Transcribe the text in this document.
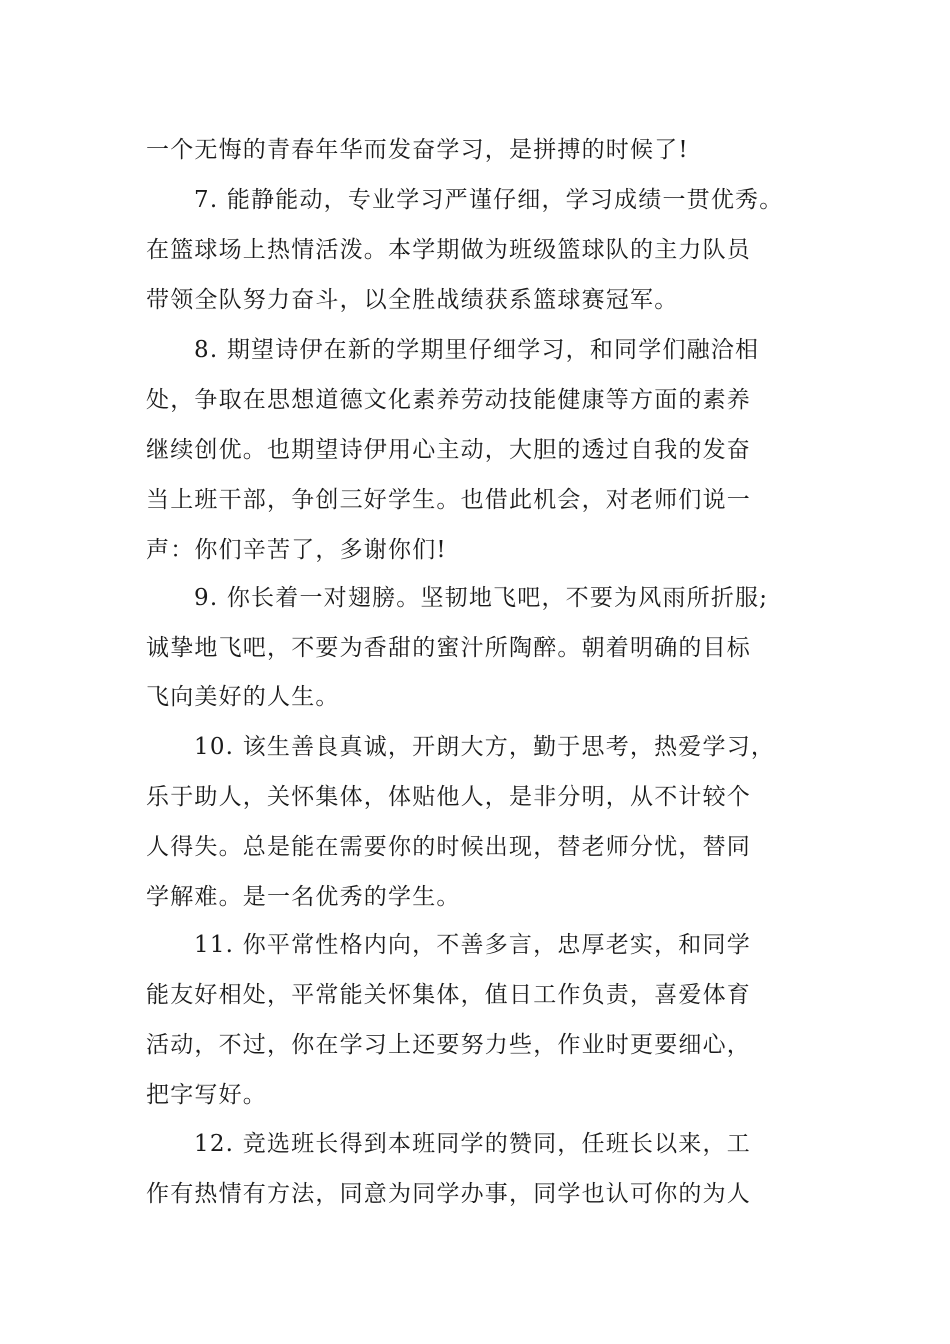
一个无悔的青春年华而发奋学习，是拼搏的时候了!
7. 能静能动，专业学习严谨仔细，学习成绩一贯优秀。
在篮球场上热情活泼。本学期做为班级篮球队的主力队员
带领全队努力奋斗，以全胜战绩获系篮球赛冠军。
8. 期望诗伊在新的学期里仔细学习，和同学们融洽相
处，争取在思想道德文化素养劳动技能健康等方面的素养
继续创优。也期望诗伊用心主动，大胆的透过自我的发奋
当上班干部，争创三好学生。也借此机会，对老师们说一
声：你们辛苦了，多谢你们!
9. 你长着一对翅膀。坚韧地飞吧，不要为风雨所折服;
诚挚地飞吧，不要为香甜的蜜汁所陶醉。朝着明确的目标
飞向美好的人生。
10. 该生善良真诚，开朗大方，勤于思考，热爱学习，
乐于助人，关怀集体，体贴他人，是非分明，从不计较个
人得失。总是能在需要你的时候出现，替老师分忧，替同
学解难。是一名优秀的学生。
11. 你平常性格内向，不善多言，忠厚老实，和同学
能友好相处，平常能关怀集体，值日工作负责，喜爱体育
活动，不过，你在学习上还要努力些，作业时更要细心，
把字写好。
12. 竞选班长得到本班同学的赞同，任班长以来，工
作有热情有方法，同意为同学办事，同学也认可你的为人
